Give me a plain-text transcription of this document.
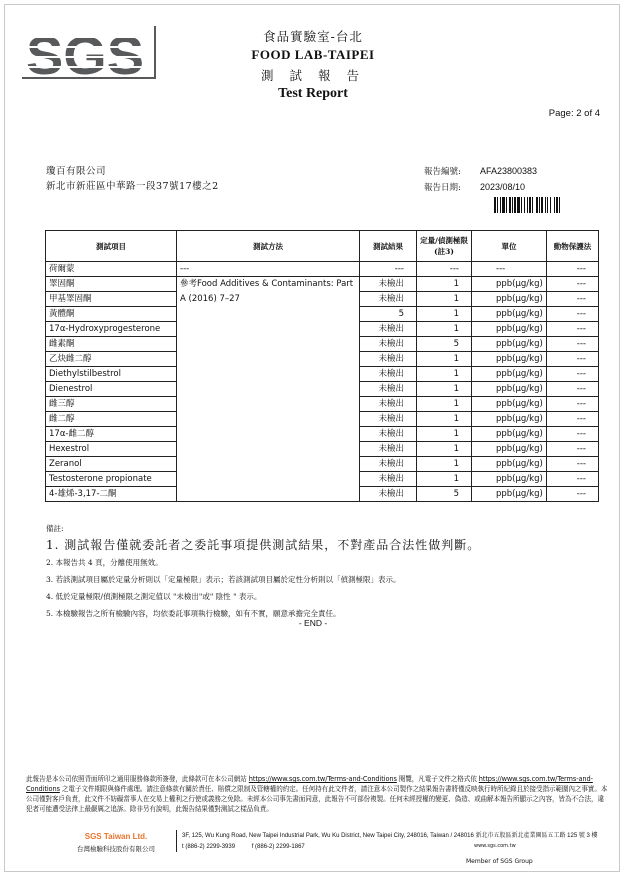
SGS	食品實驗室-台北
FOOD LAB-TAIPEI
測 試 報 告
Test Report
Page: 2 of 4
瓊百有限公司
新北市新莊區中華路一段37號17樓之2
報告編號: AFA23800383
報告日期: 2023/08/10
測試項目	測試方法	測試結果	定量/偵測極限(註3)	單位	動物保護法
荷爾蒙	---	---	---	---	---
睪固酮	參考Food Additives & Contaminants: Part A (2016) 7–27	未檢出	1	ppb(μg/kg)	---
甲基睪固酮		未檢出	1	ppb(μg/kg)	---
黃體酮		5	1	ppb(μg/kg)	---
17α-Hydroxyprogesterone		未檢出	1	ppb(μg/kg)	---
雌素酮		未檢出	5	ppb(μg/kg)	---
乙炔雌二醇		未檢出	1	ppb(μg/kg)	---
Diethylstilbestrol		未檢出	1	ppb(μg/kg)	---
Dienestrol		未檢出	1	ppb(μg/kg)	---
雌三醇		未檢出	1	ppb(μg/kg)	---
雌二醇		未檢出	1	ppb(μg/kg)	---
17α-雌二醇		未檢出	1	ppb(μg/kg)	---
Hexestrol		未檢出	1	ppb(μg/kg)	---
Zeranol		未檢出	1	ppb(μg/kg)	---
Testosterone propionate		未檢出	1	ppb(μg/kg)	---
4-雄烯-3,17-二酮		未檢出	5	ppb(μg/kg)	---
備註:
1. 測試報告僅就委託者之委託事項提供測試結果，不對產品合法性做判斷。
2. 本報告共 4 頁，分離使用無效。
3. 若該測試項目屬於定量分析則以「定量極限」表示；若該測試項目屬於定性分析則以「偵測極限」表示。
4. 低於定量極限/偵測極限之測定值以 "未檢出"或" 陰性 " 表示。
5. 本檢驗報告之所有檢驗內容，均依委託事項執行檢驗，如有不實，願意承擔完全責任。
- END -
此報告是本公司依照背面所印之通用服務條款所簽發，此條款可在本公司網站 https://www.sgs.com.tw/Terms-and-Conditions 閱覽，凡電子文件之格式依 https://www.sgs.com.tw/Terms-and-Conditions 之電子文件期限與條件處理。請注意條款有關於責任、賠償之限制及管轄權的約定。任何持有此文件者，請注意本公司製作之結果報告書將僅反映執行時所紀錄且於接受指示範圍內之事實。本公司僅對客戶負責，此文件不妨礙當事人在交易上權利之行使或義務之免除。未經本公司事先書面同意，此報告不可部份複製。任何未經授權的變更、偽造、或曲解本報告所顯示之內容，皆為不合法，違犯者可能遭受法律上最嚴厲之追訴。除非另有說明，此報告結果僅對測試之樣品負責。
SGS Taiwan Ltd.
台灣檢驗科技股份有限公司
3F, 125, Wu Kung Road, New Taipei Industrial Park, Wu Ku District, New Taipei City, 248016, Taiwan / 248016 新北市五股區新北產業園區五工路 125 號 3 樓
t (886-2) 2299-3939	f (886-2) 2299-1867	www.sgs.com.tw
Member of SGS Group
